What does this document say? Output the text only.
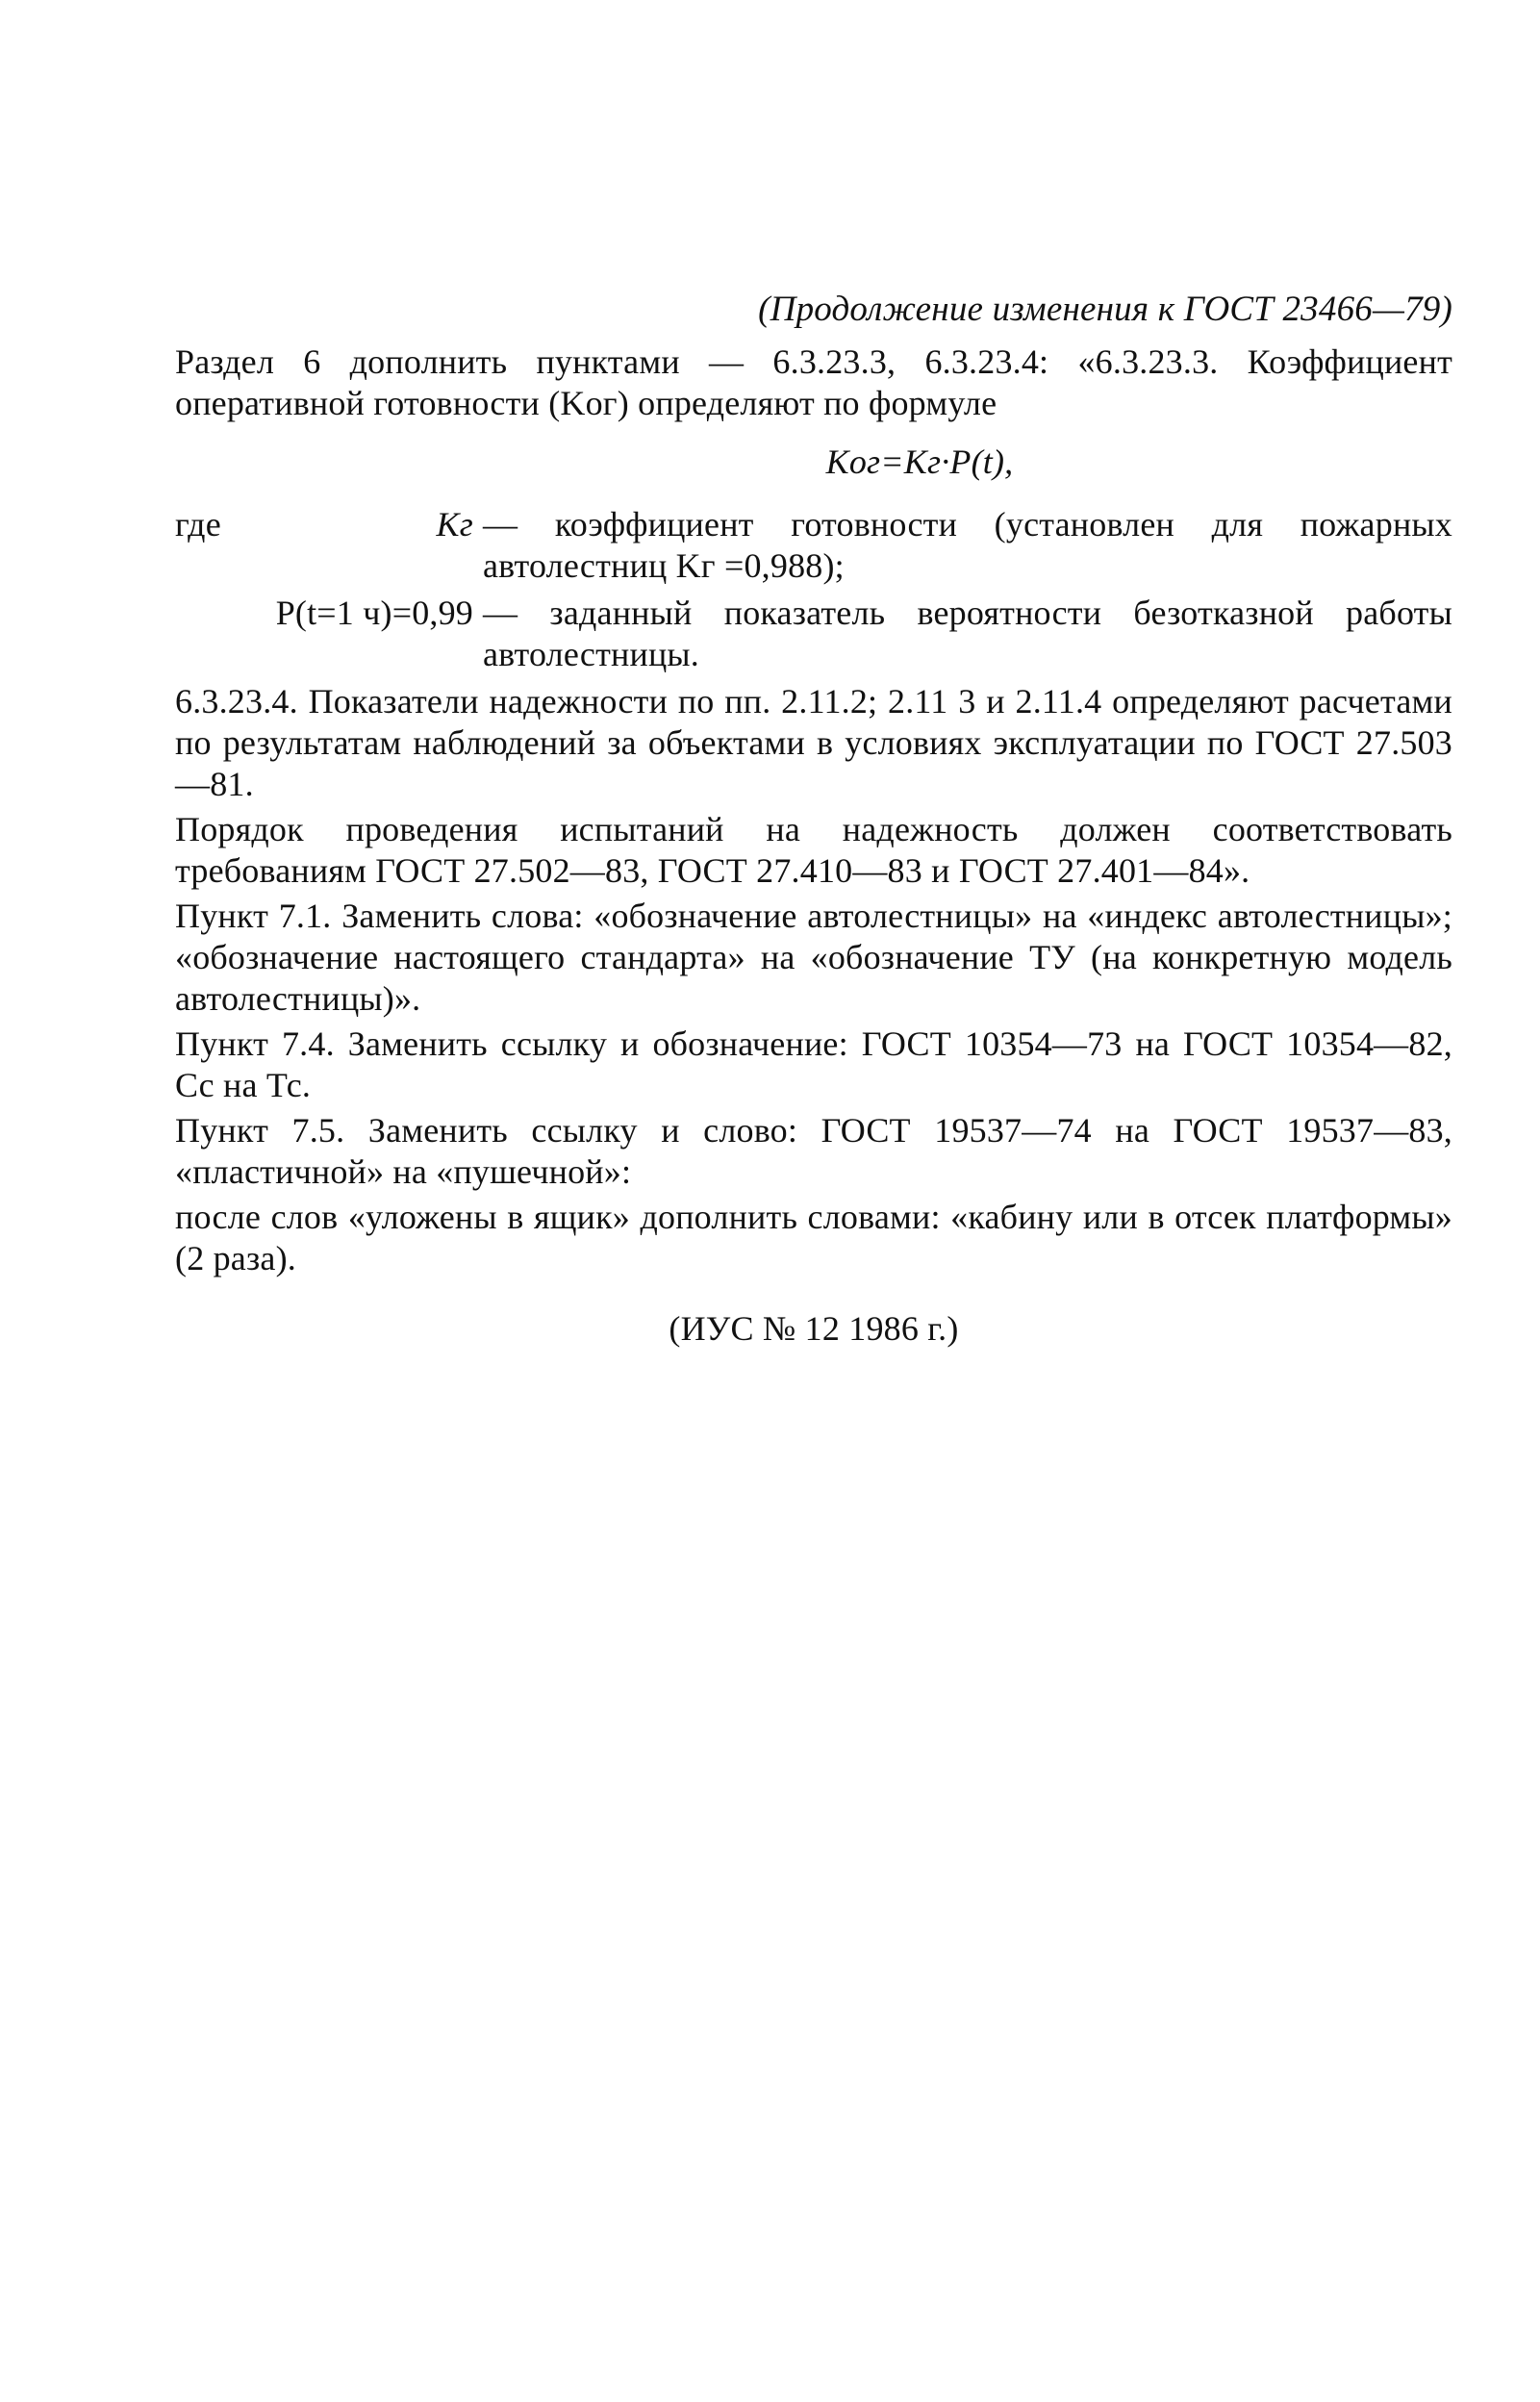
(Продолжение изменения к ГОСТ 23466—79)

Раздел 6 дополнить пунктами — 6.3.23.3, 6.3.23.4: «6.3.23.3. Коэффициент оперативной готовности (Kог) определяют по формуле

Kог=Kг·P(t),
где	Kг — коэффициент готовности (установлен для пожарных автолестниц Kг =0,988);
P(t=1 ч)=0,99 — заданный показатель вероятности безотказной работы автолестницы.

6.3.23.4. Показатели надежности по пп. 2.11.2; 2.11 3 и 2.11.4 определяют расчетами по результатам наблюдений за объектами в условиях эксплуатации по ГОСТ 27.503—81.

Порядок проведения испытаний на надежность должен соответствовать требованиям ГОСТ 27.502—83, ГОСТ 27.410—83 и ГОСТ 27.401—84».

Пункт 7.1. Заменить слова: «обозначение автолестницы» на «индекс автолестницы»; «обозначение настоящего стандарта» на «обозначение ТУ (на конкретную модель автолестницы)».

Пункт 7.4. Заменить ссылку и обозначение: ГОСТ 10354—73 на ГОСТ 10354—82, Сс на Тс.

Пункт 7.5. Заменить ссылку и слово: ГОСТ 19537—74 на ГОСТ 19537—83, «пластичной» на «пушечной»:

после слов «уложены в ящик» дополнить словами: «кабину или в отсек платформы» (2 раза).

(ИУС № 12 1986 г.)
